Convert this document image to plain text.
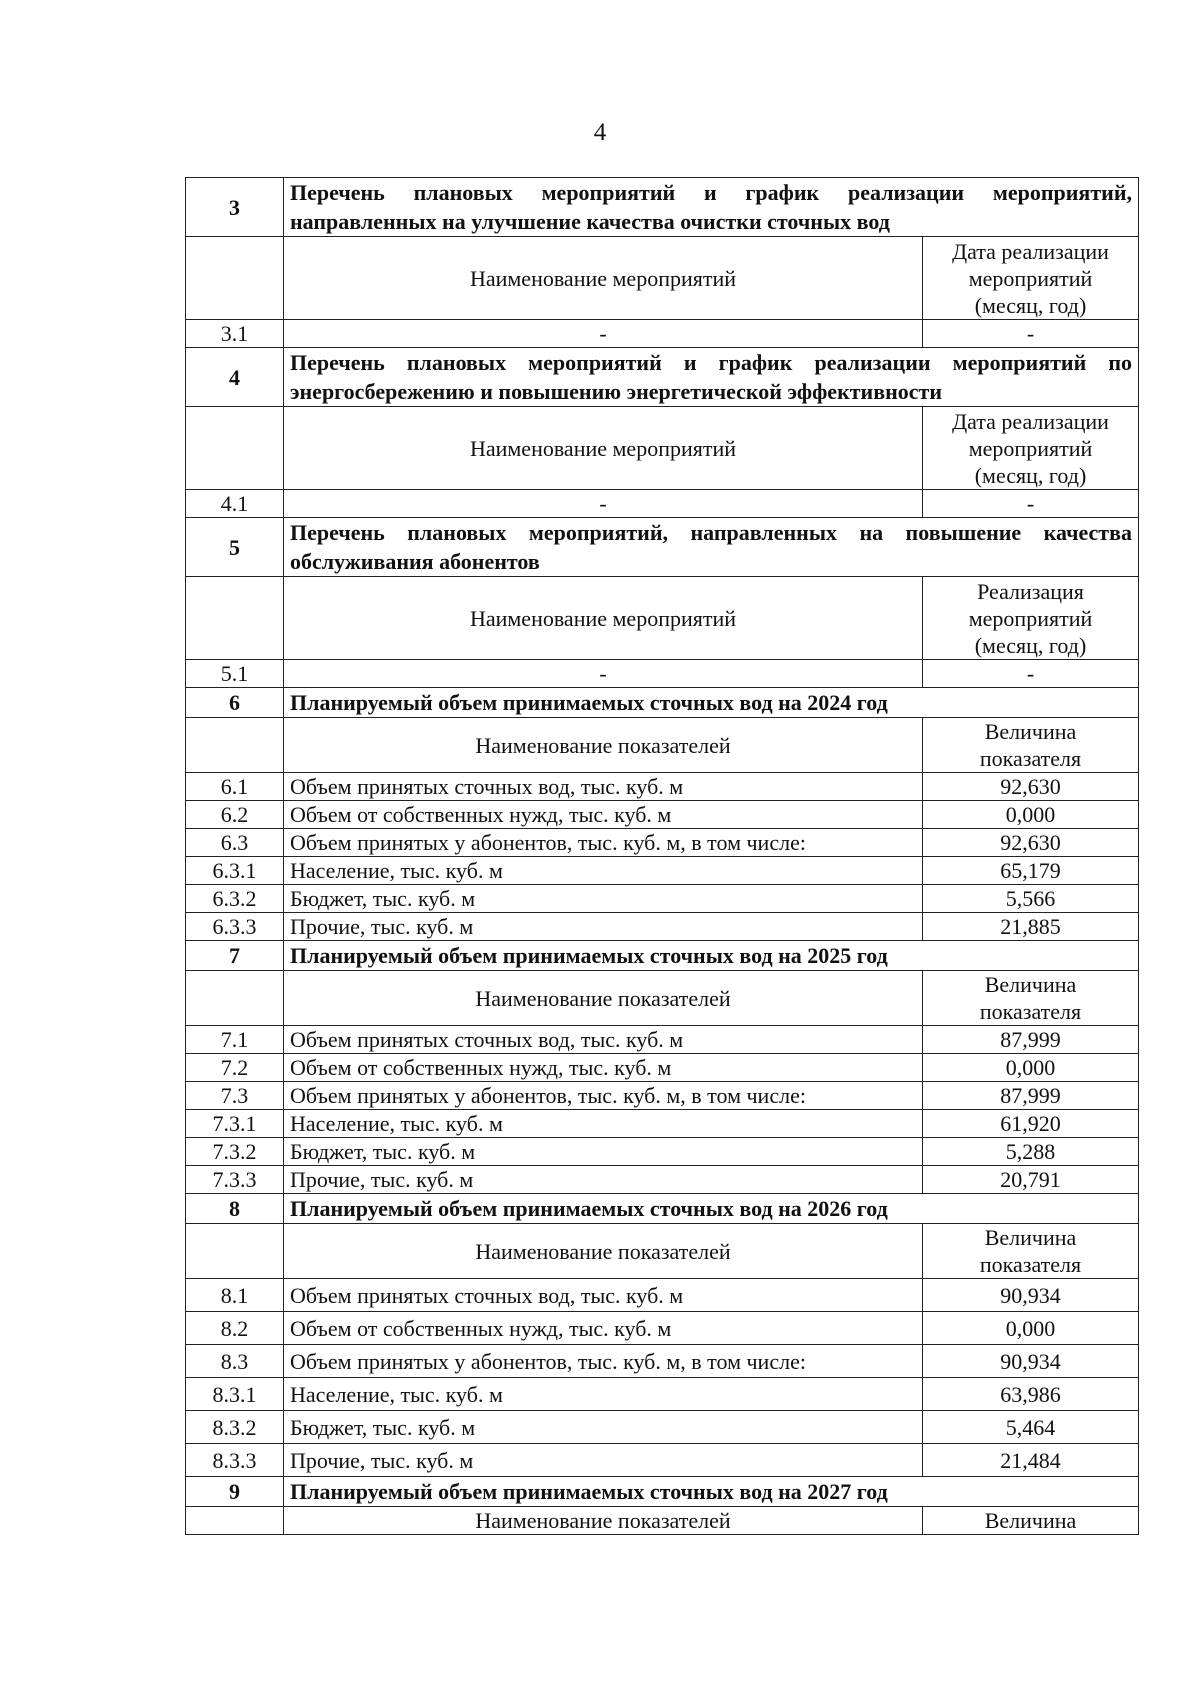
4
3	Перечень плановых мероприятий и график реализации мероприятий, направленных на улучшение качества очистки сточных вод	
	Наименование мероприятий	Дата реализации
мероприятий
(месяц, год)

3.1	-	-
4	Перечень плановых мероприятий и график реализации мероприятий по энергосбережению и повышению энергетической эффективности	
	Наименование мероприятий	Дата реализации
мероприятий
(месяц, год)

4.1	-	-
5	Перечень плановых мероприятий, направленных на повышение качества обслуживания абонентов	
	Наименование мероприятий	Реализация
мероприятий
(месяц, год)

5.1	-	-
6	Планируемый объем принимаемых сточных вод на 2024 год	
	Наименование показателей	Величина
показателя

6.1	Объем принятых сточных вод, тыс. куб. м	92,630
6.2	Объем от собственных нужд, тыс. куб. м	0,000
6.3	Объем принятых у абонентов, тыс. куб. м, в том числе:	92,630
6.3.1	Население, тыс. куб. м	65,179
6.3.2	Бюджет, тыс. куб. м	5,566
6.3.3	Прочие, тыс. куб. м	21,885
7	Планируемый объем принимаемых сточных вод на 2025 год	
	Наименование показателей	Величина
показателя

7.1	Объем принятых сточных вод, тыс. куб. м	87,999
7.2	Объем от собственных нужд, тыс. куб. м	0,000
7.3	Объем принятых у абонентов, тыс. куб. м, в том числе:	87,999
7.3.1	Население, тыс. куб. м	61,920
7.3.2	Бюджет, тыс. куб. м	5,288
7.3.3	Прочие, тыс. куб. м	20,791
8	Планируемый объем принимаемых сточных вод на 2026 год	
	Наименование показателей	Величина
показателя

8.1	Объем принятых сточных вод, тыс. куб. м	90,934
8.2	Объем от собственных нужд, тыс. куб. м	0,000
8.3	Объем принятых у абонентов, тыс. куб. м, в том числе:	90,934
8.3.1	Население, тыс. куб. м	63,986
8.3.2	Бюджет, тыс. куб. м	5,464
8.3.3	Прочие, тыс. куб. м	21,484
9	Планируемый объем принимаемых сточных вод на 2027 год	
	Наименование показателей	Величина
